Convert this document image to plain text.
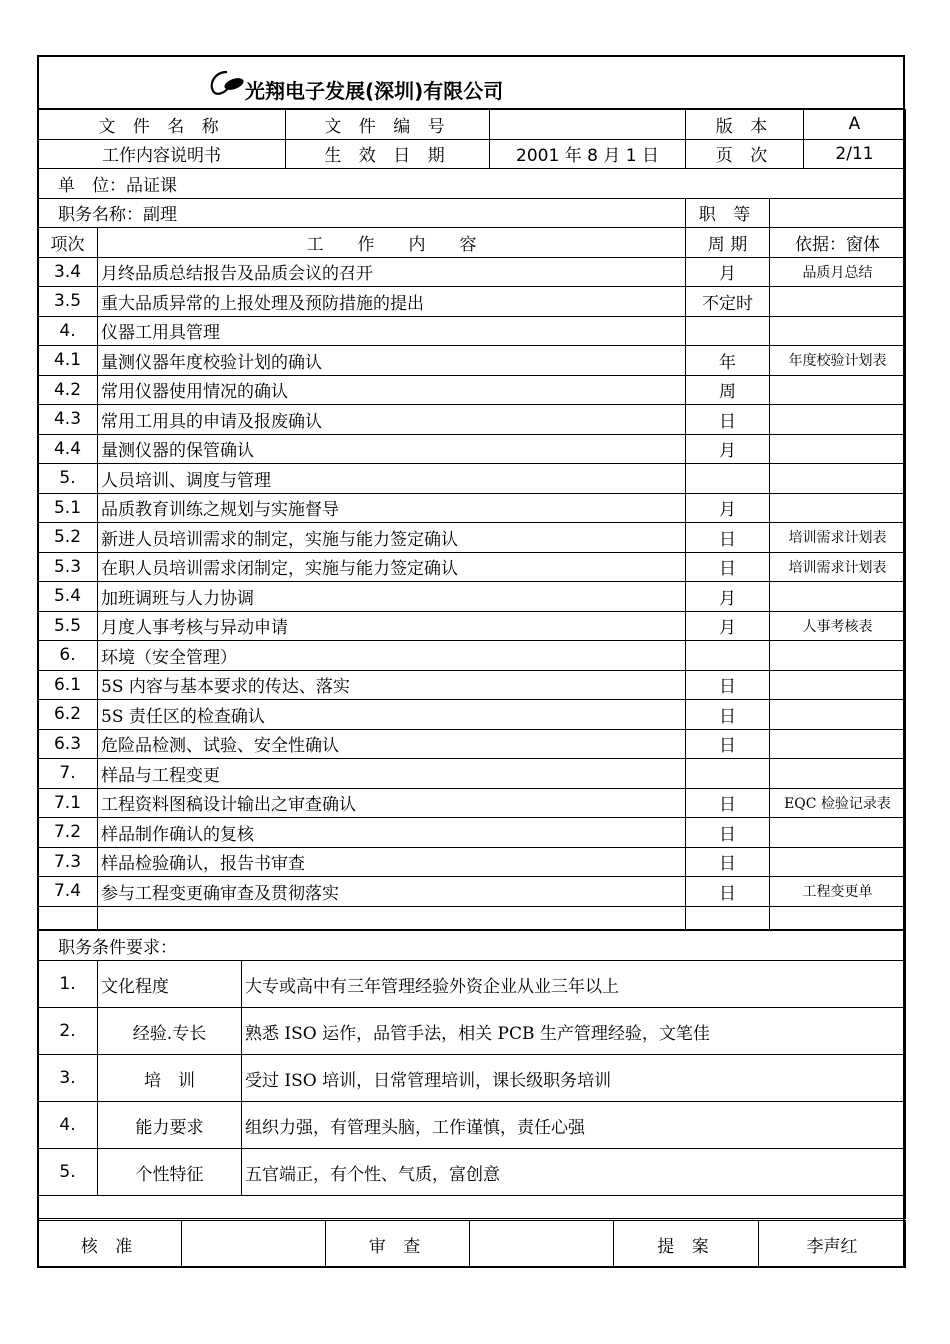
光翔电子发展(深圳)有限公司
文 件 名 称		文 件 编 号		版 本		A
工作内容说明书		生 效 日 期	2001 年 8 月 1 日	页 次		2/11
单　位：品证课						
职务名称：副理				职 等		
项次	工　　作　　内　　容			周 期	依据：窗体	
3.4	月终品质总结报告及品质会议的召开			月	品质月总结	
3.5	重大品质异常的上报处理及预防措施的提出			不定时		
4.	仪器工用具管理					
4.1	量测仪器年度校验计划的确认			年	年度校验计划表	
4.2	常用仪器使用情况的确认			周		
4.3	常用工用具的申请及报废确认			日		
4.4	量测仪器的保管确认			月		
5.	人员培训、调度与管理					
5.1	品质教育训练之规划与实施督导			月		
5.2	新进人员培训需求的制定，实施与能力签定确认			日	培训需求计划表	
5.3	在职人员培训需求闭制定，实施与能力签定确认			日	培训需求计划表	
5.4	加班调班与人力协调			月		
5.5	月度人事考核与异动申请			月	人事考核表	
6.	环境（安全管理）					
6.1	5S 内容与基本要求的传达、落实			日		
6.2	5S 责任区的检查确认			日		
6.3	危险品检测、试验、安全性确认			日		
7.	样品与工程变更					
7.1	工程资料图稿设计输出之审查确认			日	EQC 检验记录表	
7.2	样品制作确认的复核			日		
7.3	样品检验确认，报告书审查			日		
7.4	参与工程变更确审查及贯彻落实			日	工程变更单	

职务条件要求：		
1.	文化程度	大专或高中有三年管理经验外资企业从业三年以上
2.	经验.专长	熟悉 ISO 运作，品管手法，相关 PCB 生产管理经验，文笔佳
3.	培　训	受过 ISO 培训，日常管理培训，课长级职务培训
4.	能力要求	组织力强，有管理头脑，工作谨慎，责任心强
5.	个性特征	五官端正，有个性、气质，富创意

核 准		审 查		提 案	李声红
